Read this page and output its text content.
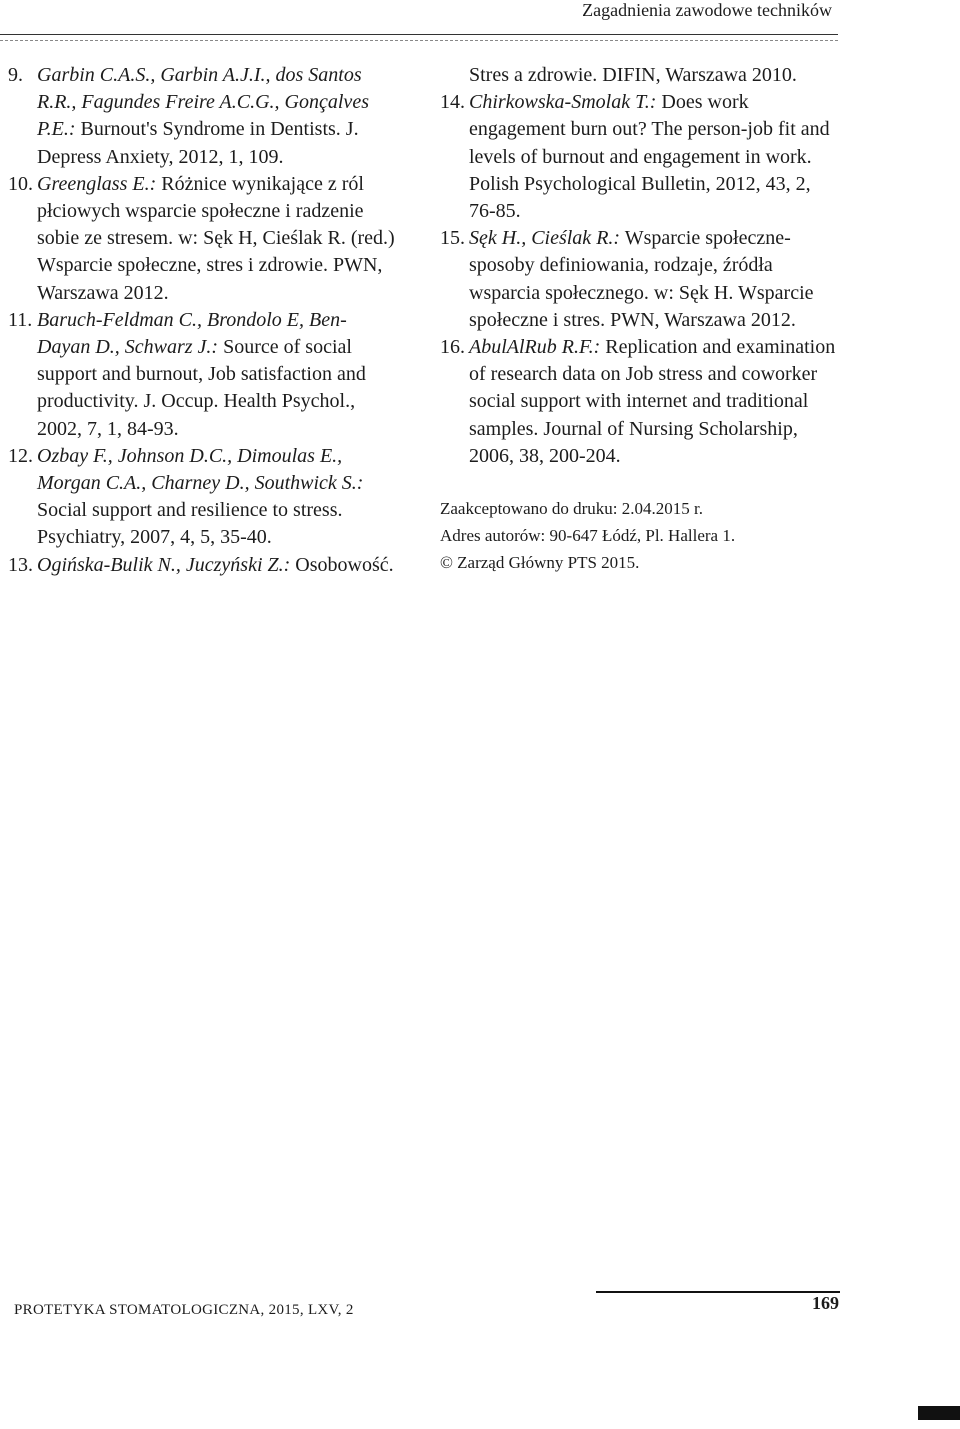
Zagadnienia zawodowe techników
9. Garbin C.A.S., Garbin A.J.I., dos Santos R.R., Fagundes Freire A.C.G., Gonçalves P.E.: Burnout's Syndrome in Dentists. J. Depress Anxiety, 2012, 1, 109.
10. Greenglass E.: Różnice wynikające z ról płciowych wsparcie społeczne i radzenie sobie ze stresem. w: Sęk H, Cieślak R. (red.) Wsparcie społeczne, stres i zdrowie. PWN, Warszawa 2012.
11. Baruch-Feldman C., Brondolo E, Ben-Dayan D., Schwarz J.: Source of social support and burnout, Job satisfaction and productivity. J. Occup. Health Psychol., 2002, 7, 1, 84-93.
12. Ozbay F., Johnson D.C., Dimoulas E., Morgan C.A., Charney D., Southwick S.: Social support and resilience to stress. Psychiatry, 2007, 4, 5, 35-40.
13. Ogińska-Bulik N., Juczyński Z.: Osobowość.
Stres a zdrowie. DIFIN, Warszawa 2010.
14. Chirkowska-Smolak T.: Does work engagement burn out? The person-job fit and levels of burnout and engagement in work. Polish Psychological Bulletin, 2012, 43, 2, 76-85.
15. Sęk H., Cieślak R.: Wsparcie społeczne-sposoby definiowania, rodzaje, źródła wsparcia społecznego. w: Sęk H. Wsparcie społeczne i stres. PWN, Warszawa 2012.
16. AbulAlRub R.F.: Replication and examination of research data on Job stress and coworker social support with internet and traditional samples. Journal of Nursing Scholarship, 2006, 38, 200-204.
Zaakceptowano do druku: 2.04.2015 r.
Adres autorów: 90-647 Łódź, Pl. Hallera 1.
© Zarząd Główny PTS 2015.
PROTETYKA STOMATOLOGICZNA, 2015, LXV, 2	169
